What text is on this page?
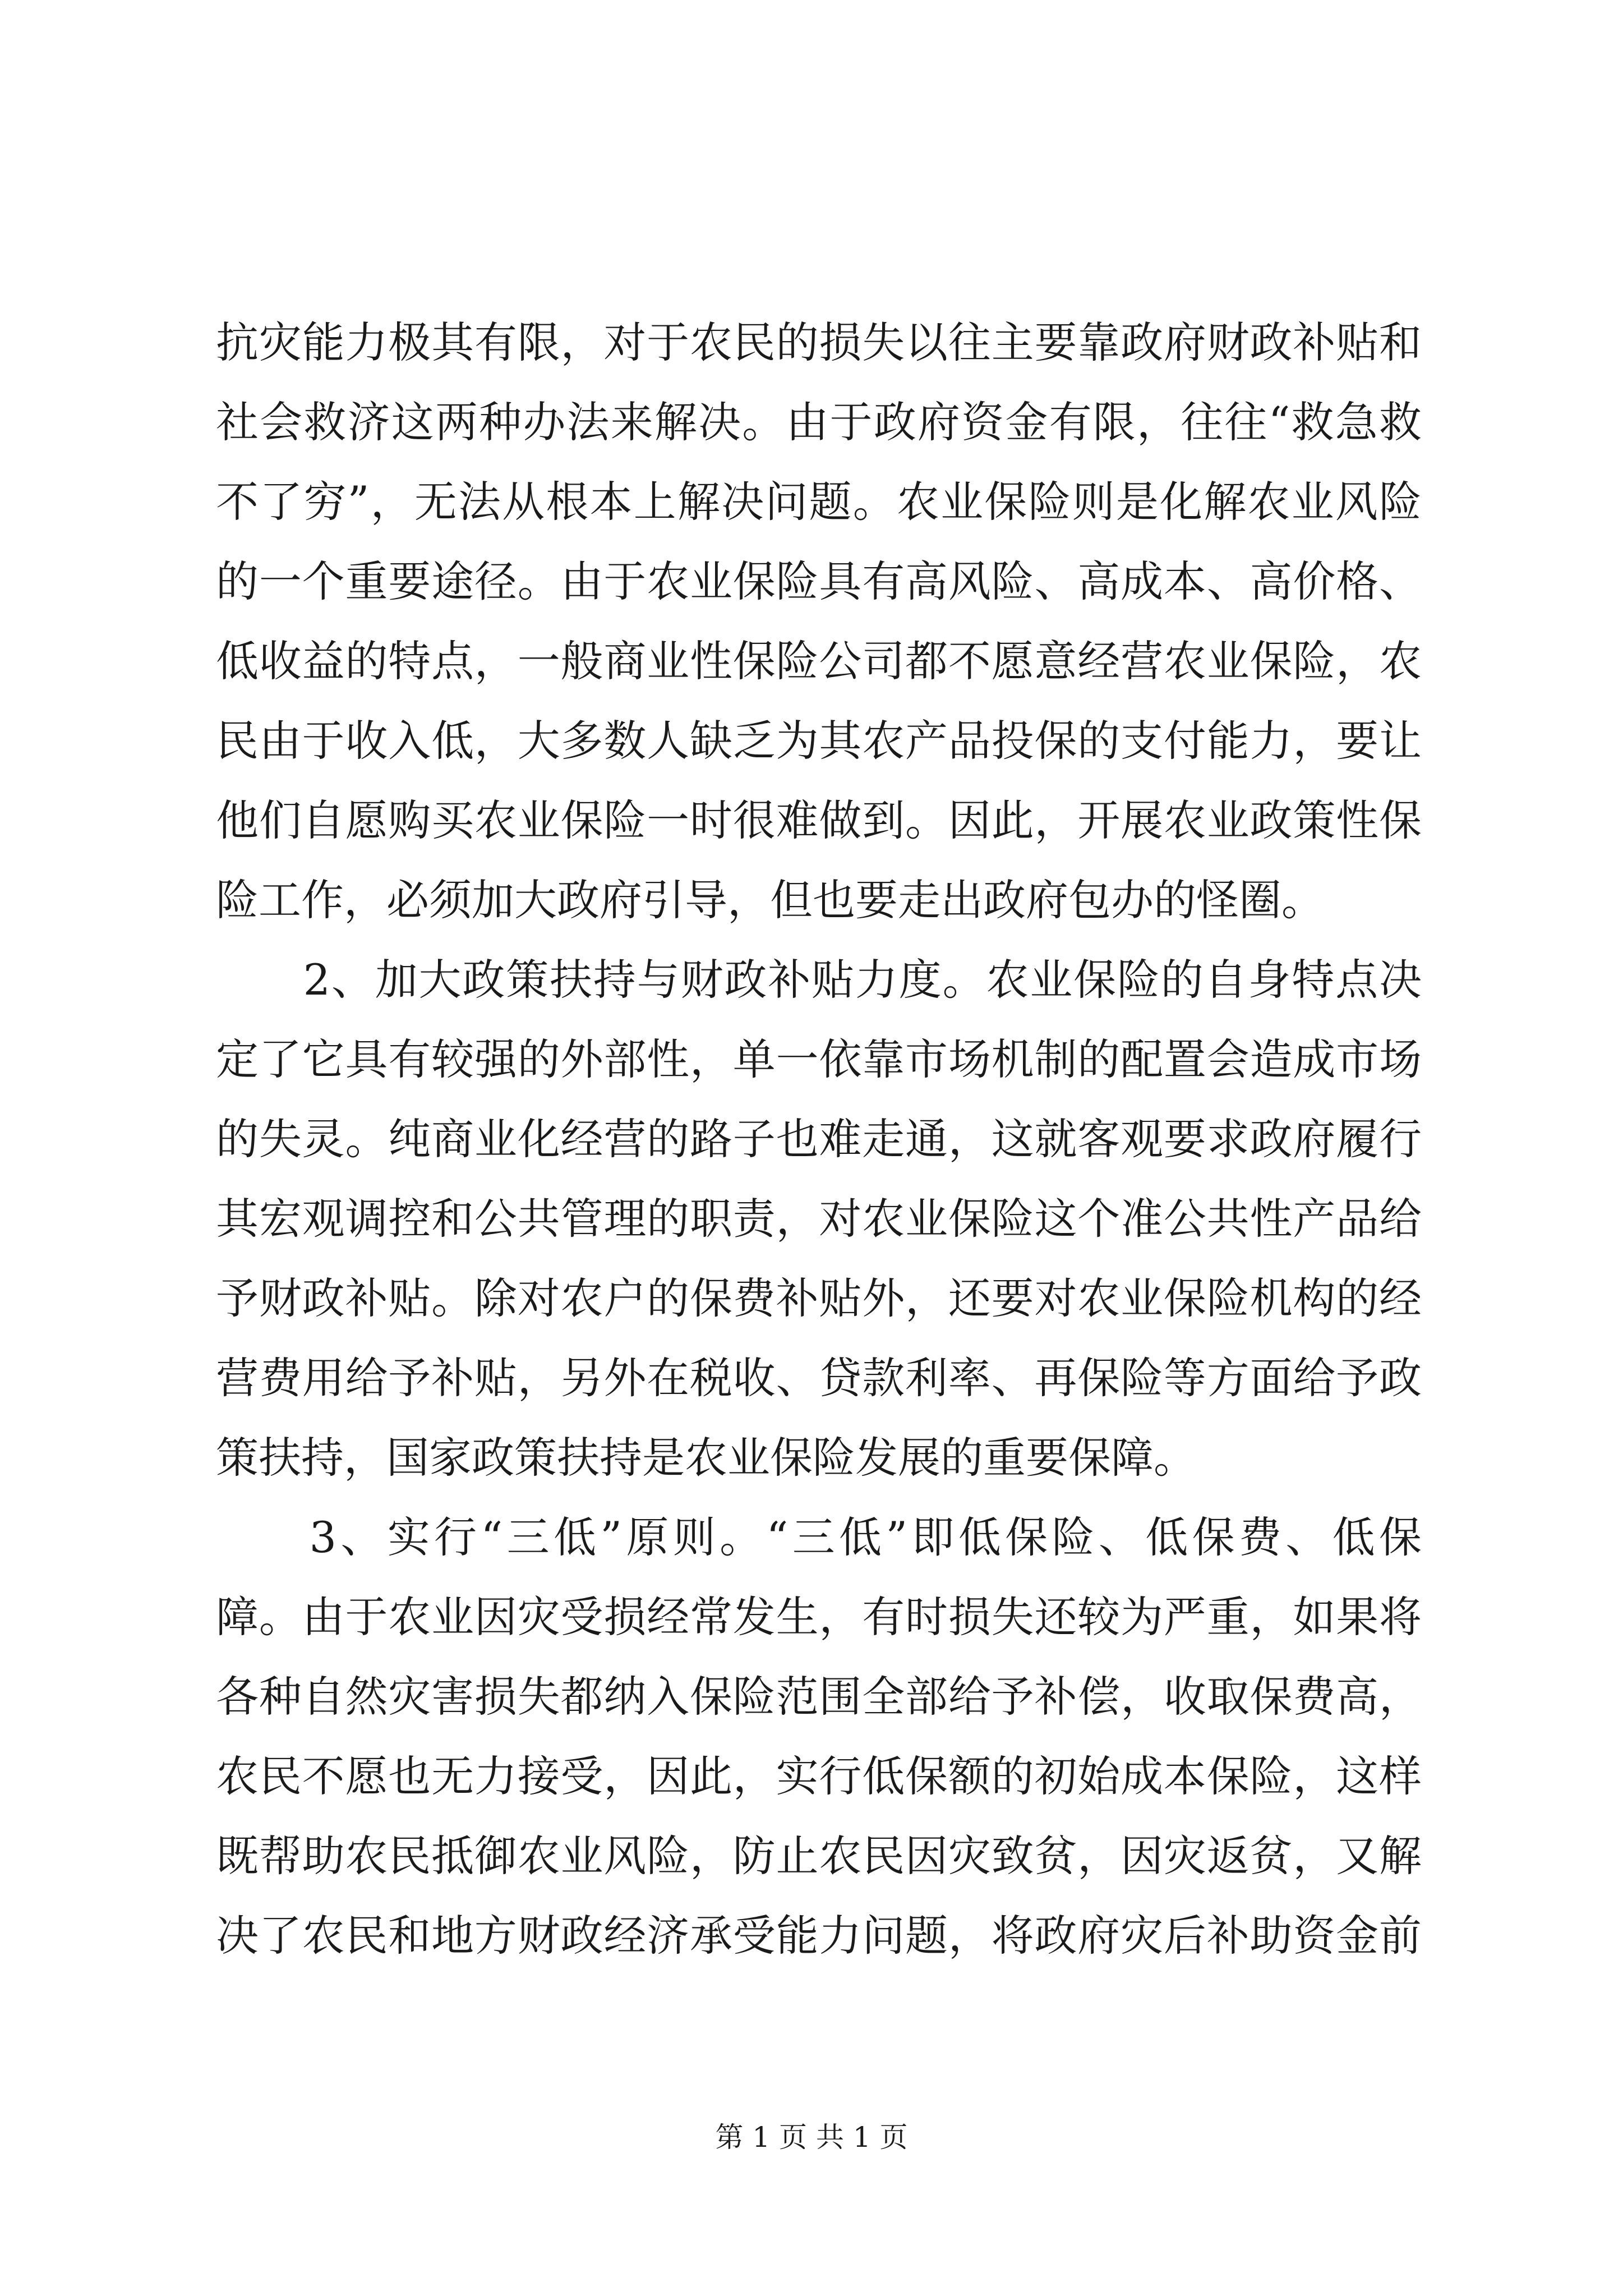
抗灾能力极其有限，对于农民的损失以往主要靠政府财政补贴和
社会救济这两种办法来解决。由于政府资金有限，往往“救急救
不了穷”，无法从根本上解决问题。农业保险则是化解农业风险
的一个重要途径。由于农业保险具有高风险、高成本、高价格、
低收益的特点，一般商业性保险公司都不愿意经营农业保险，农
民由于收入低，大多数人缺乏为其农产品投保的支付能力，要让
他们自愿购买农业保险一时很难做到。因此，开展农业政策性保
险工作，必须加大政府引导，但也要走出政府包办的怪圈。
　　2、加大政策扶持与财政补贴力度。农业保险的自身特点决
定了它具有较强的外部性，单一依靠市场机制的配置会造成市场
的失灵。纯商业化经营的路子也难走通，这就客观要求政府履行
其宏观调控和公共管理的职责，对农业保险这个准公共性产品给
予财政补贴。除对农户的保费补贴外，还要对农业保险机构的经
营费用给予补贴，另外在税收、贷款利率、再保险等方面给予政
策扶持，国家政策扶持是农业保险发展的重要保障。
　　3、实行“三低”原则。“三低”即低保险、低保费、低保
障。由于农业因灾受损经常发生，有时损失还较为严重，如果将
各种自然灾害损失都纳入保险范围全部给予补偿，收取保费高，
农民不愿也无力接受，因此，实行低保额的初始成本保险，这样
既帮助农民抵御农业风险，防止农民因灾致贫，因灾返贫，又解
决了农民和地方财政经济承受能力问题，将政府灾后补助资金前
第 1 页 共 1 页
